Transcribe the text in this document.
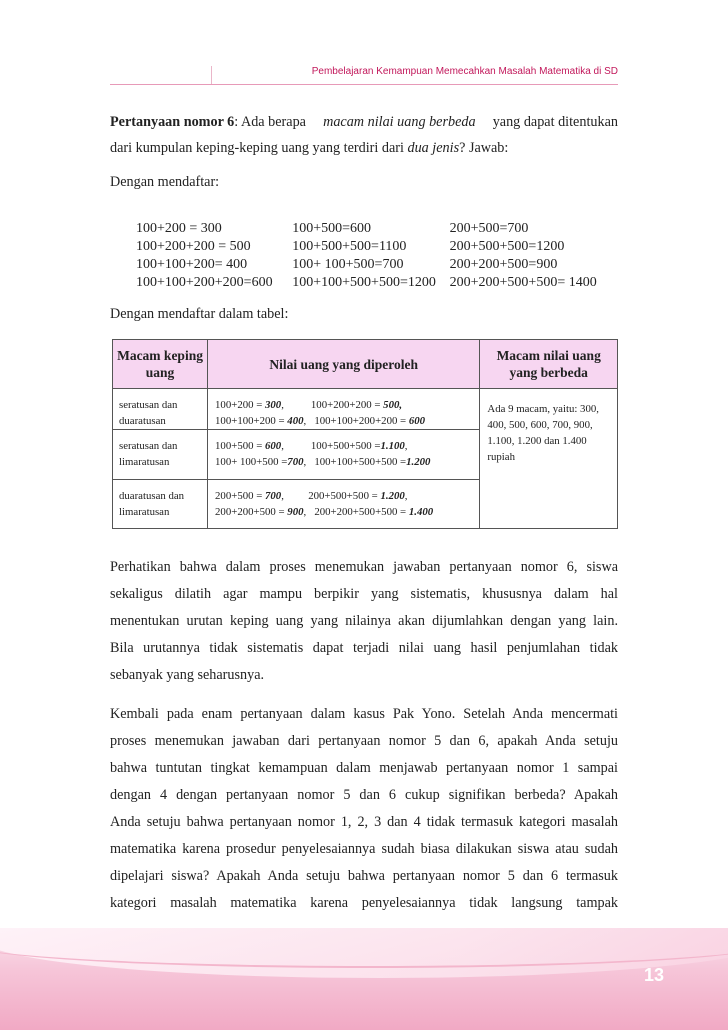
Pembelajaran Kemampuan Memecahkan Masalah Matematika di SD
Pertanyaan nomor 6: Ada berapa macam nilai uang berbeda yang dapat ditentukan
dari kumpulan keping-keping uang yang terdiri dari dua jenis? Jawab:
Dengan mendaftar:
100+200 = 300	100+500=600	200+500=700
100+200+200 = 500	100+500+500=1100	200+500+500=1200
100+100+200= 400	100+ 100+500=700	200+200+500=900
100+100+200+200=600	100+100+500+500=1200	200+200+500+500= 1400
Dengan mendaftar dalam tabel:
Macam keping uang	Nilai uang yang diperoleh	Macam nilai uang yang berbeda
seratusan dan duaratusan	100+200 = 300, 100+200+200 = 500,
100+100+200 = 400, 100+100+200+200 = 600	Ada 9 macam, yaitu: 300, 400, 500, 600, 700, 900, 1.100, 1.200 dan 1.400 rupiah
seratusan dan limaratusan	100+500 = 600, 100+500+500 =1.100,
100+ 100+500 =700, 100+100+500+500 =1.200	

duaratusan dan limaratusan	200+500 = 700, 200+500+500 = 1.200,
200+200+500 = 900, 200+200+500+500 = 1.400	
Perhatikan bahwa dalam proses menemukan jawaban pertanyaan nomor 6, siswa
sekaligus dilatih agar mampu berpikir yang sistematis, khususnya dalam hal
menentukan urutan keping uang yang nilainya akan dijumlahkan dengan yang lain.
Bila urutannya tidak sistematis dapat terjadi nilai uang hasil penjumlahan tidak
sebanyak yang seharusnya.
Kembali pada enam pertanyaan dalam kasus Pak Yono. Setelah Anda mencermati
proses menemukan jawaban dari pertanyaan nomor 5 dan 6, apakah Anda setuju
bahwa tuntutan tingkat kemampuan dalam menjawab pertanyaan nomor 1 sampai
dengan 4 dengan pertanyaan nomor 5 dan 6 cukup signifikan berbeda? Apakah
Anda setuju bahwa pertanyaan nomor 1, 2, 3 dan 4 tidak termasuk kategori masalah
matematika karena prosedur penyelesaiannya sudah biasa dilakukan siswa atau sudah
dipelajari siswa? Apakah Anda setuju bahwa pertanyaan nomor 5 dan 6 termasuk
kategori masalah matematika karena penyelesaiannya tidak langsung tampak
13
